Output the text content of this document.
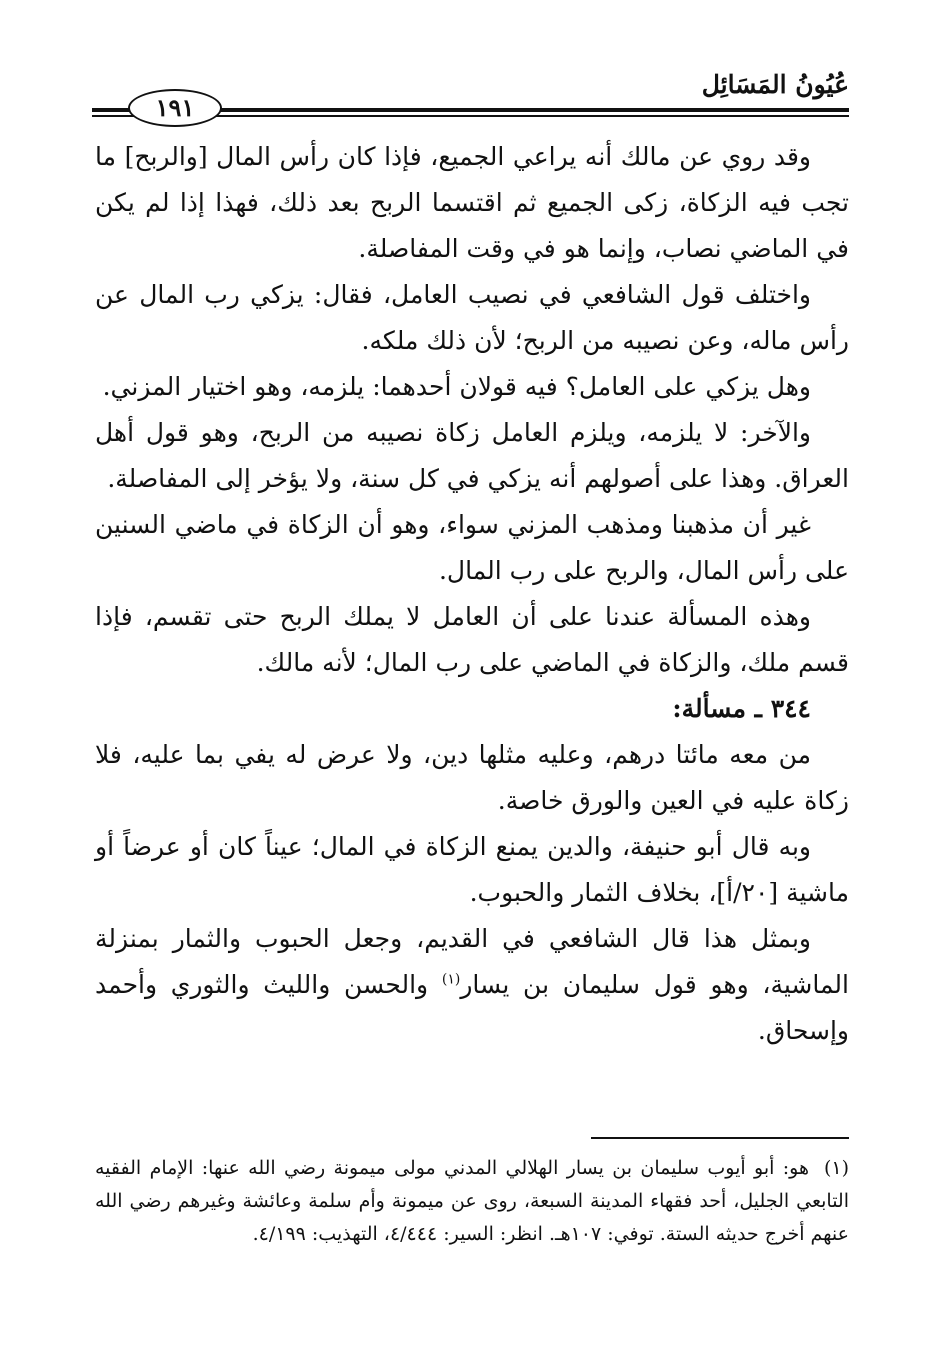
عُيُونُ المَسَائِل
١٩١

وقد روي عن مالك أنه يراعي الجميع، فإذا كان رأس المال [والربح] ما تجب فيه الزكاة، زكى الجميع ثم اقتسما الربح بعد ذلك، فهذا إذا لم يكن في الماضي نصاب، وإنما هو في وقت المفاصلة.

واختلف قول الشافعي في نصيب العامل، فقال: يزكي رب المال عن رأس ماله، وعن نصيبه من الربح؛ لأن ذلك ملكه.

وهل يزكي على العامل؟ فيه قولان أحدهما: يلزمه، وهو اختيار المزني.

والآخر: لا يلزمه، ويلزم العامل زكاة نصيبه من الربح، وهو قول أهل العراق. وهذا على أصولهم أنه يزكي في كل سنة، ولا يؤخر إلى المفاصلة.

غير أن مذهبنا ومذهب المزني سواء، وهو أن الزكاة في ماضي السنين على رأس المال، والربح على رب المال.

وهذه المسألة عندنا على أن العامل لا يملك الربح حتى تقسم، فإذا قسم ملك، والزكاة في الماضي على رب المال؛ لأنه مالك.

٣٤٤ ـ مسألة:

من معه مائتا درهم، وعليه مثلها دين، ولا عرض له يفي بما عليه، فلا زكاة عليه في العين والورق خاصة.

وبه قال أبو حنيفة، والدين يمنع الزكاة في المال؛ عيناً كان أو عرضاً أو ماشية [٢٠/أ]، بخلاف الثمار والحبوب.

وبمثل هذا قال الشافعي في القديم، وجعل الحبوب والثمار بمنزلة الماشية، وهو قول سليمان بن يسار$^{(١)}$ والحسن والليث والثوري وأحمد وإسحاق.

(١)هو: أبو أيوب سليمان بن يسار الهلالي المدني مولى ميمونة رضي الله عنها: الإمام الفقيه التابعي الجليل، أحد فقهاء المدينة السبعة، روى عن ميمونة وأم سلمة وعائشة وغيرهم رضي الله عنهم أخرج حديثه الستة. توفي: ١٠٧هـ. انظر: السير: ٤/٤٤٤، التهذيب: ٤/١٩٩.
